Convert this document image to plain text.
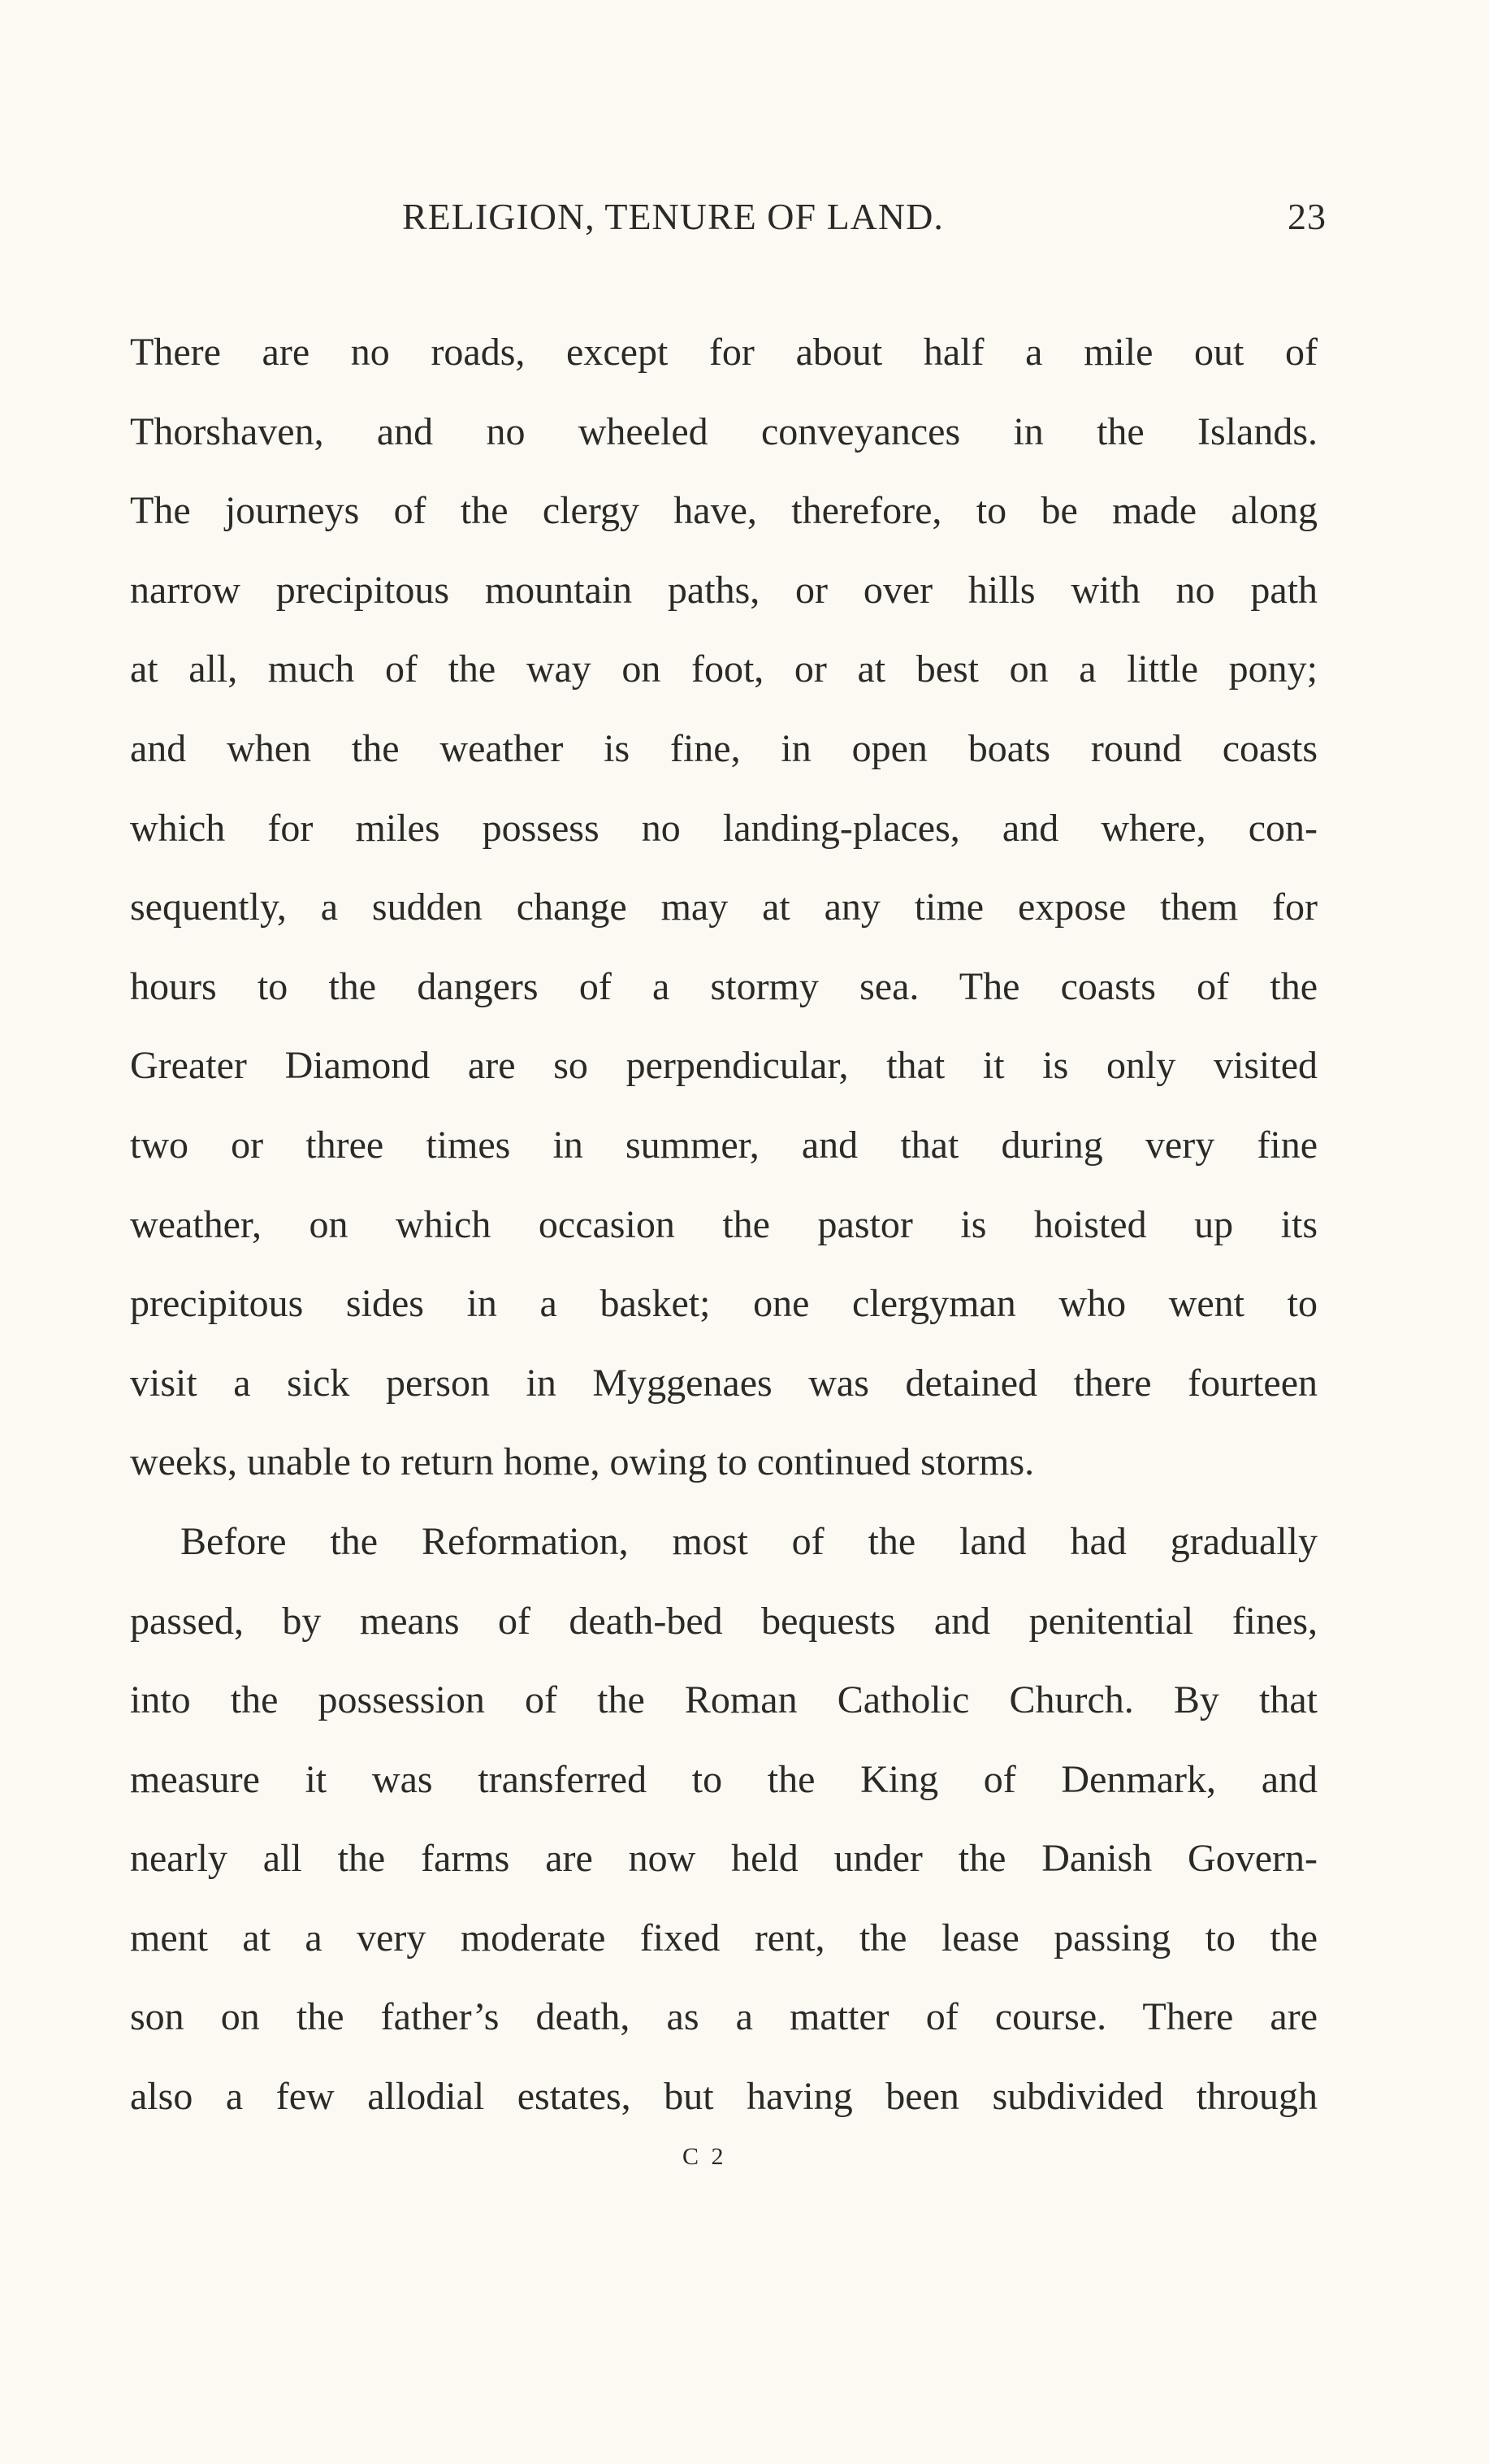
RELIGION, TENURE OF LAND.	23
There are no roads, except for about half a mile out of
Thorshaven, and no wheeled conveyances in the Islands.
The journeys of the clergy have, therefore, to be made along
narrow precipitous mountain paths, or over hills with no path
at all, much of the way on foot, or at best on a little pony;
and when the weather is fine, in open boats round coasts
which for miles possess no landing-places, and where, con-
sequently, a sudden change may at any time expose them for
hours to the dangers of a stormy sea. The coasts of the
Greater Diamond are so perpendicular, that it is only visited
two or three times in summer, and that during very fine
weather, on which occasion the pastor is hoisted up its
precipitous sides in a basket; one clergyman who went to
visit a sick person in Myggenaes was detained there fourteen
weeks, unable to return home, owing to continued storms.
Before the Reformation, most of the land had gradually
passed, by means of death-bed bequests and penitential fines,
into the possession of the Roman Catholic Church. By that
measure it was transferred to the King of Denmark, and
nearly all the farms are now held under the Danish Govern-
ment at a very moderate fixed rent, the lease passing to the
son on the father’s death, as a matter of course. There are
also a few allodial estates, but having been subdivided through
C 2
